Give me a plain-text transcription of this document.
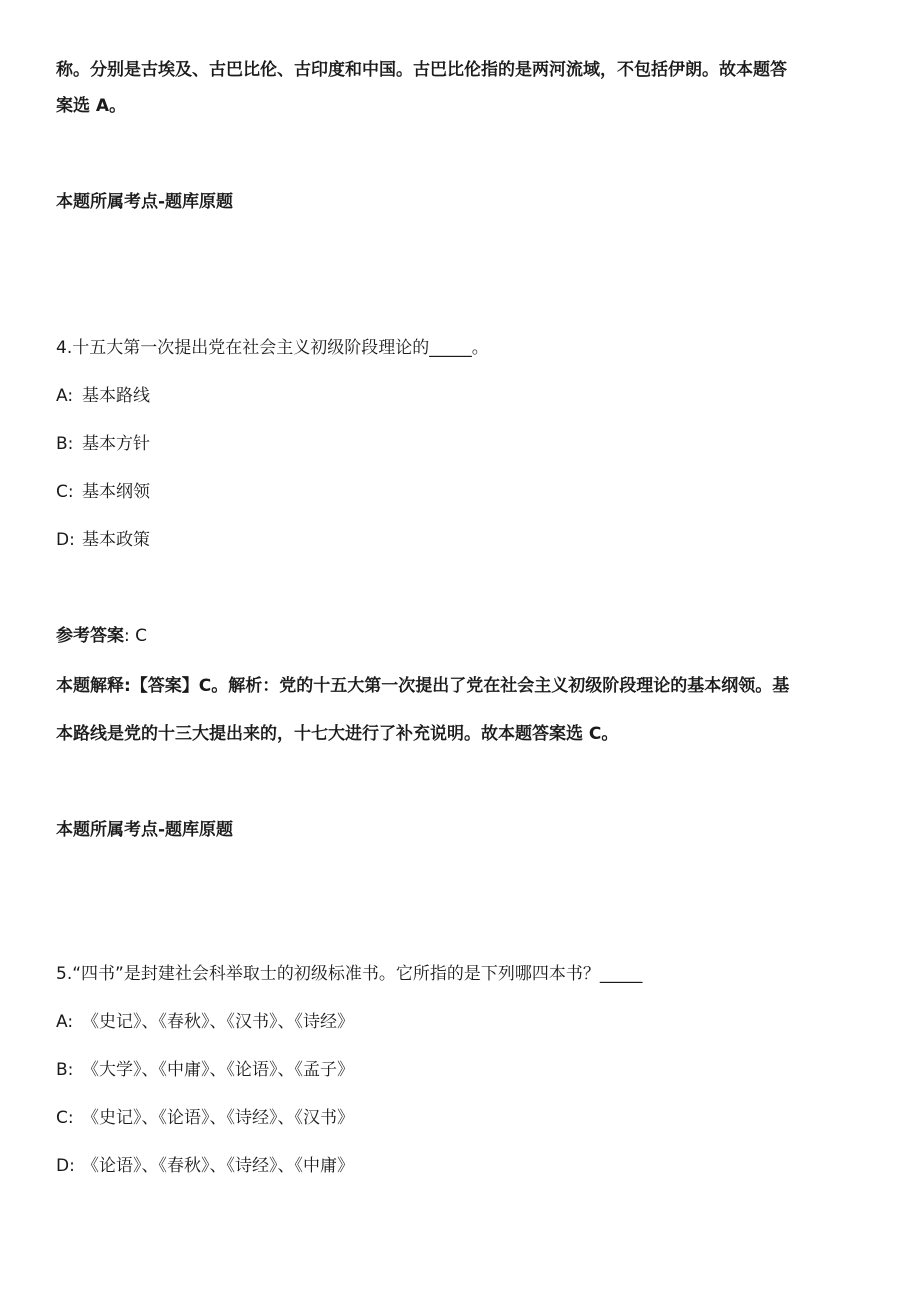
称。分别是古埃及、古巴比伦、古印度和中国。古巴比伦指的是两河流域，不包括伊朗。故本题答
案选 A。
本题所属考点-题库原题
4.十五大第一次提出党在社会主义初级阶段理论的_____。
A: 基本路线
B: 基本方针
C: 基本纲领
D: 基本政策
参考答案: C
本题解释:【答案】C。解析：党的十五大第一次提出了党在社会主义初级阶段理论的基本纲领。基
本路线是党的十三大提出来的，十七大进行了补充说明。故本题答案选 C。
本题所属考点-题库原题
5.“四书”是封建社会科举取士的初级标准书。它所指的是下列哪四本书？_____
A: 《史记》、《春秋》、《汉书》、《诗经》
B: 《大学》、《中庸》、《论语》、《孟子》
C: 《史记》、《论语》、《诗经》、《汉书》
D: 《论语》、《春秋》、《诗经》、《中庸》
